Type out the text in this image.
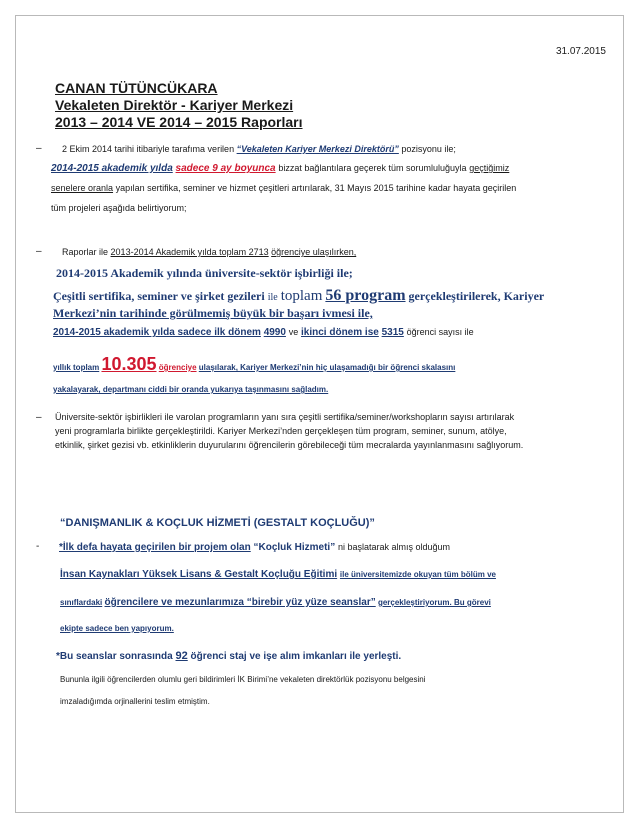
31.07.2015
CANAN TÜTÜNCÜKARA
Vekaleten Direktör - Kariyer Merkezi
2013 – 2014 VE 2014 – 2015 Raporları
– 2 Ekim 2014 tarihi itibariyle tarafıma verilen “Vekaleten Kariyer Merkezi Direktörü” pozisyonu ile;
2014-2015 akademik yılda sadece 9 ay boyunca bizzat bağlantılara geçerek tüm sorumluluğuyla geçtiğimiz
senelere oranla yapılan sertifika, seminer ve hizmet çeşitleri artırılarak, 31 Mayıs 2015 tarihine kadar hayata geçirilen
tüm projeleri aşağıda belirtiyorum;
– Raporlar ile 2013-2014 Akademik yılda toplam 2713 öğrenciye ulaşılırken,
2014-2015 Akademik yılında üniversite-sektör işbirliği ile;
Çeşitli sertifika, seminer ve şirket gezileri ile toplam 56 program gerçekleştirilerek, Kariyer
Merkezi’nin tarihinde görülmemiş büyük bir başarı ivmesi ile,
2014-2015 akademik yılda sadece ilk dönem 4990 ve ikinci dönem ise 5315 öğrenci sayısı ile
yıllık toplam 10.305 öğrenciye ulaşılarak, Kariyer Merkezi’nin hiç ulaşamadığı bir öğrenci skalasını
yakalayarak, departmanı ciddi bir oranda yukarıya taşınmasını sağladım.
– Üniversite-sektör işbirlikleri ile varolan programların yanı sıra çeşitli sertifika/seminer/workshopların sayısı artırılarak
yeni programlarla birlikte gerçekleştirildi. Kariyer Merkezi’nden gerçekleşen tüm program, seminer, sunum, atölye,
etkinlik, şirket gezisi vb. etkinliklerin duyurularını öğrencilerin görebileceği tüm mecralarda yayınlanmasını sağlıyorum.
“DANIŞMANLIK & KOÇLUK HİZMETİ (GESTALT KOÇLUĞU)”
- *İlk defa hayata geçirilen bir projem olan “Koçluk Hizmeti” ni başlatarak almış olduğum
İnsan Kaynakları Yüksek Lisans & Gestalt Koçluğu Eğitimi ile üniversitemizde okuyan tüm bölüm ve
sınıflardaki öğrencilere ve mezunlarımıza “birebir yüz yüze seanslar” gerçekleştiriyorum. Bu görevi
ekipte sadece ben yapıyorum.
*Bu seanslar sonrasında 92 öğrenci staj ve işe alım imkanları ile yerleşti.
Bununla ilgili öğrencilerden olumlu geri bildirimleri İK Birimi’ne vekaleten direktörlük pozisyonu belgesini
imzaladığımda orjinallerini teslim etmiştim.
